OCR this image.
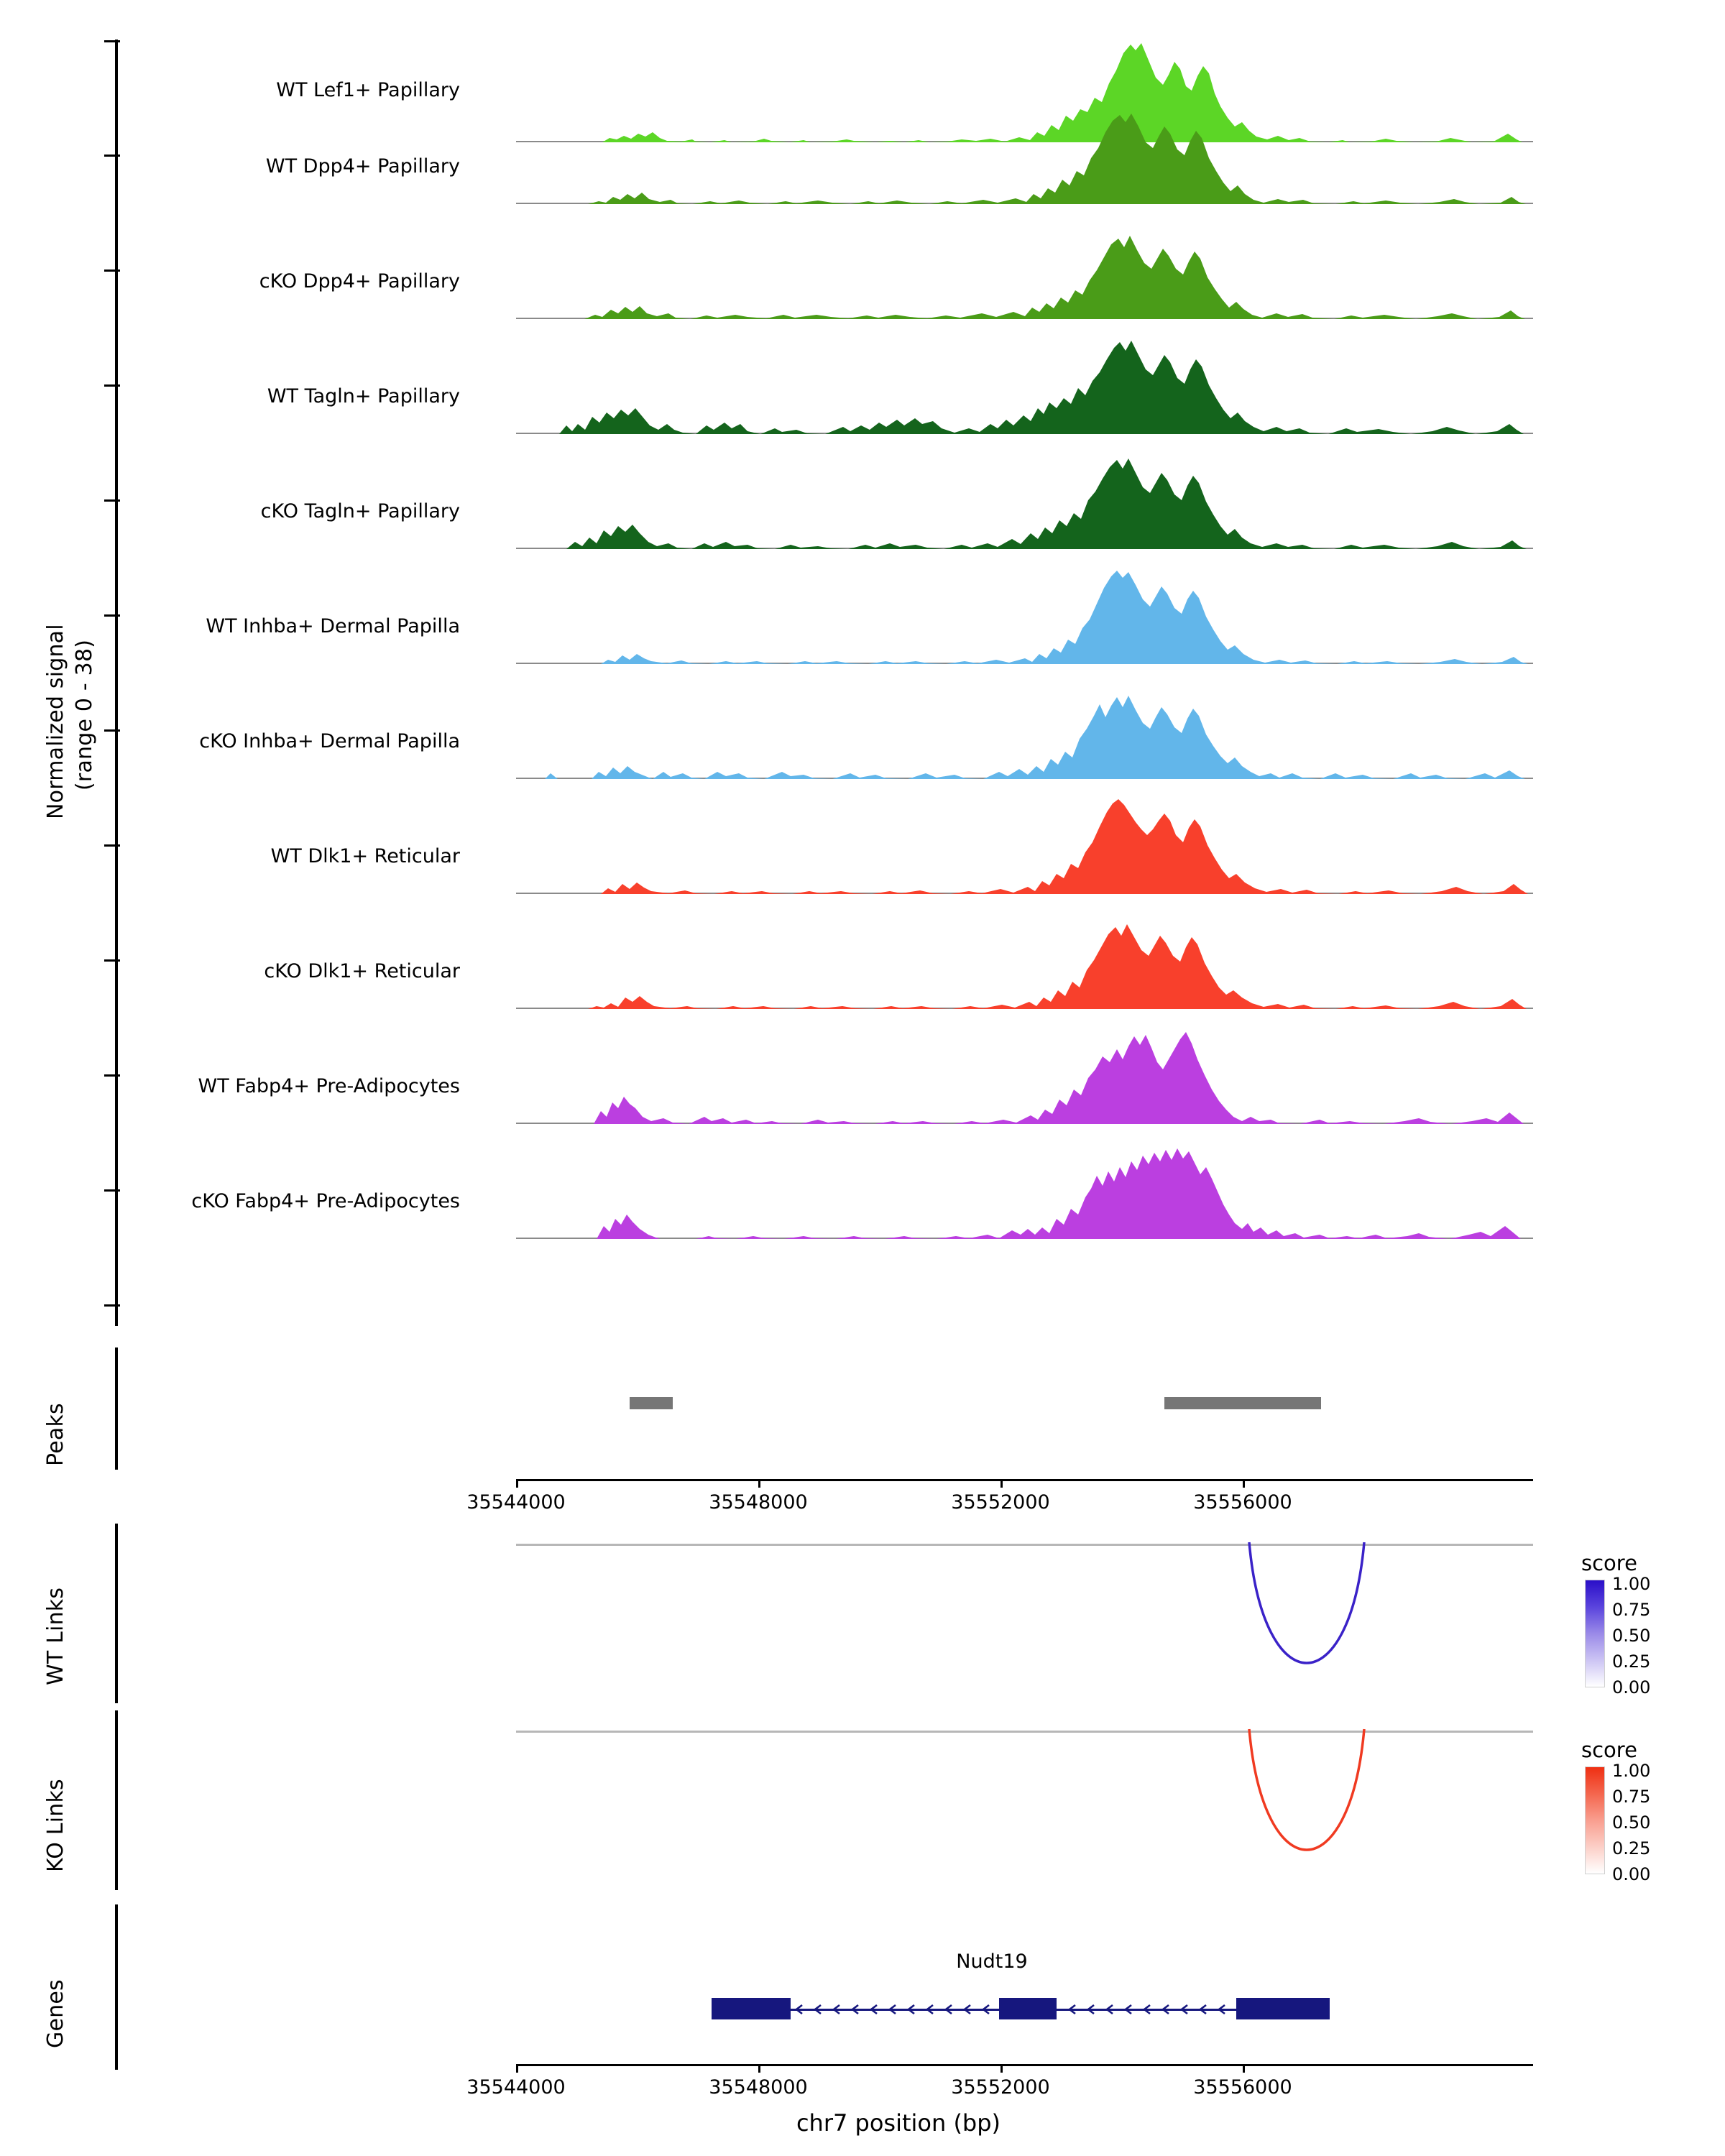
Normalized signal (range 0 - 38)
WT Lef1+ Papillary
WT Dpp4+ Papillary
cKO Dpp4+ Papillary
WT Tagln+ Papillary
cKO Tagln+ Papillary
WT Inhba+ Dermal Papilla
cKO Inhba+ Dermal Papilla
WT Dlk1+ Reticular
cKO Dlk1+ Reticular
WT Fabp4+ Pre-Adipocytes
cKO Fabp4+ Pre-Adipocytes
Peaks
35544000	35548000	35552000	35556000
WT Links
score
1.00
0.75
0.50
0.25
0.00
KO Links
score
1.00
0.75
0.50
0.25
0.00
Genes
Nudt19
35544000	35548000	35552000	35556000
chr7 position (bp)
